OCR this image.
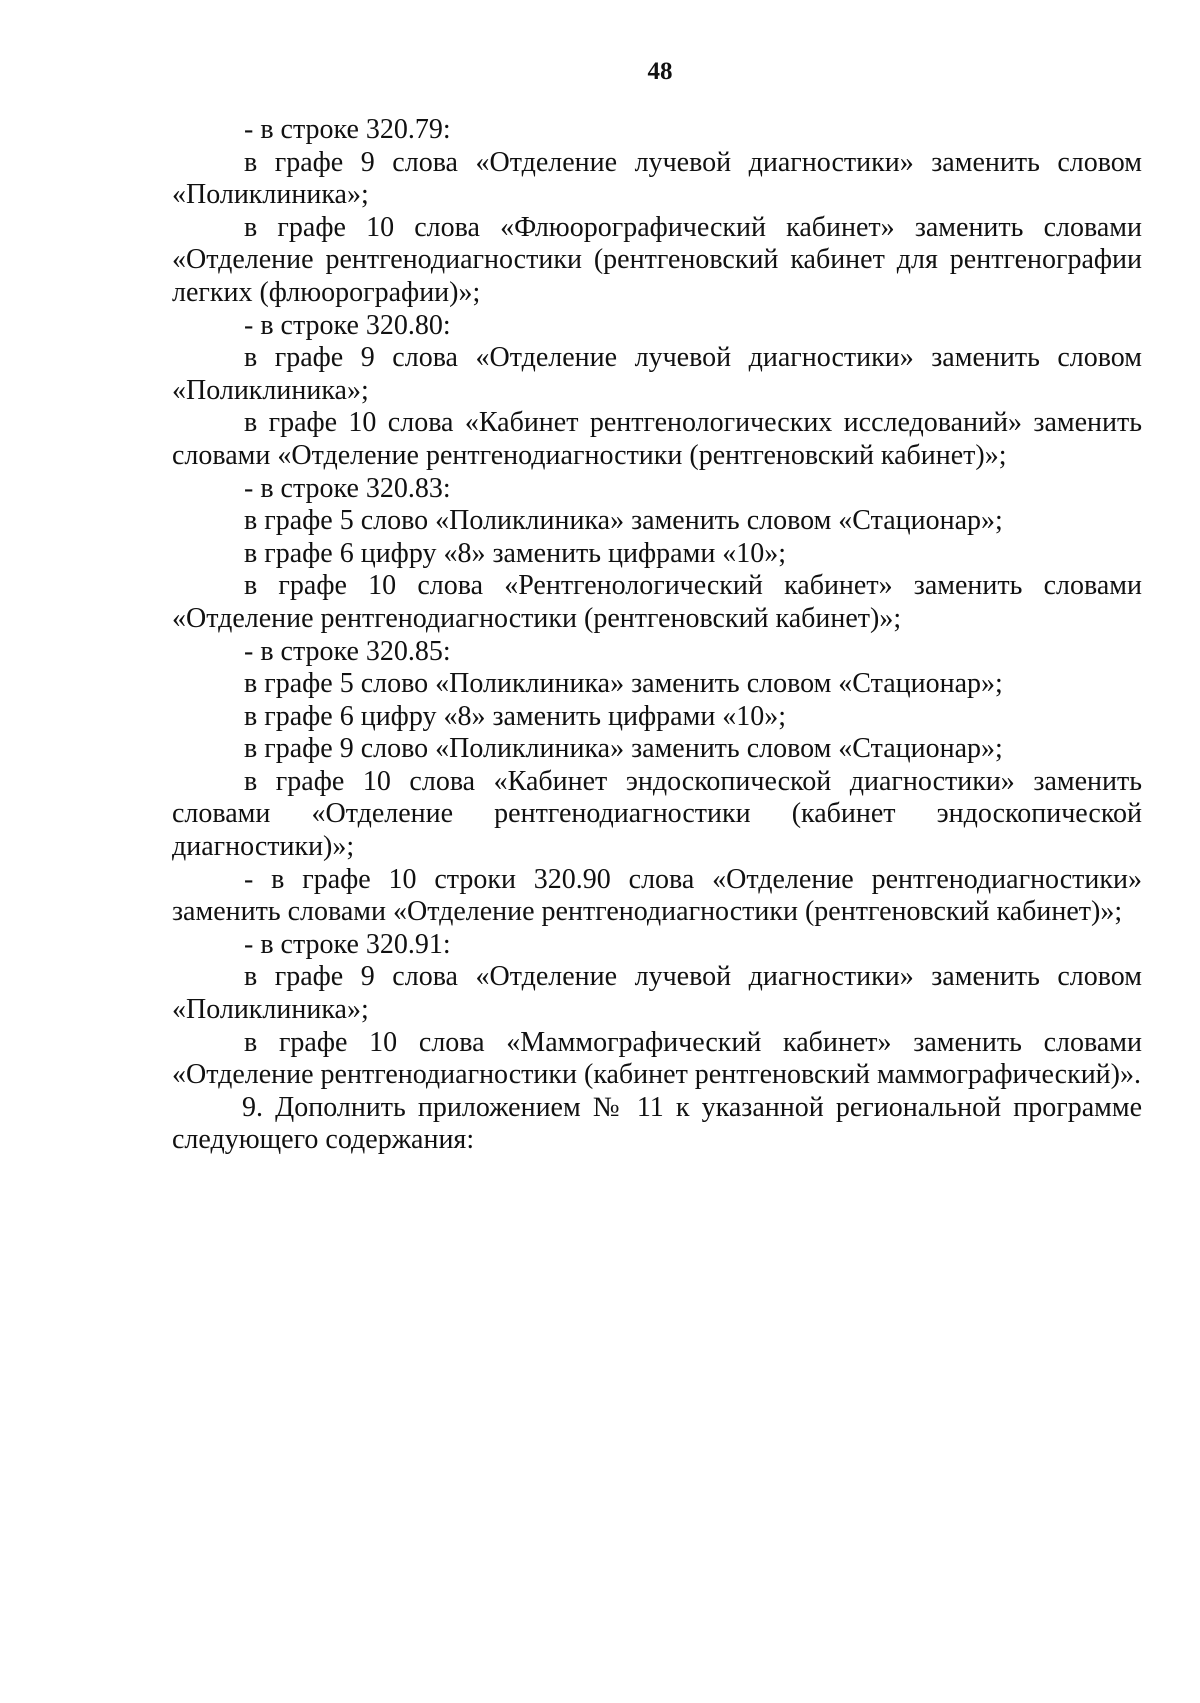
48

- в строке 320.79:

в графе 9 слова «Отделение лучевой диагностики» заменить словом «Поликлиника»;

в графе 10 слова «Флюорографический кабинет» заменить словами «Отделение рентгенодиагностики (рентгеновский кабинет для рентгенографии легких (флюорографии)»;

- в строке 320.80:

в графе 9 слова «Отделение лучевой диагностики» заменить словом «Поликлиника»;

в графе 10 слова «Кабинет рентгенологических исследований» заменить словами «Отделение рентгенодиагностики (рентгеновский кабинет)»;

- в строке 320.83:

в графе 5 слово «Поликлиника» заменить словом «Стационар»;

в графе 6 цифру «8» заменить цифрами «10»;

в графе 10 слова «Рентгенологический кабинет» заменить словами «Отделение рентгенодиагностики (рентгеновский кабинет)»;

- в строке 320.85:

в графе 5 слово «Поликлиника» заменить словом «Стационар»;

в графе 6 цифру «8» заменить цифрами «10»;

в графе 9 слово «Поликлиника» заменить словом «Стационар»;

в графе 10 слова «Кабинет эндоскопической диагностики» заменить словами «Отделение рентгенодиагностики (кабинет эндоскопической диагностики)»;

- в графе 10 строки 320.90 слова «Отделение рентгенодиагностики» заменить словами «Отделение рентгенодиагностики (рентгеновский кабинет)»;

- в строке 320.91:

в графе 9 слова «Отделение лучевой диагностики» заменить словом «Поликлиника»;

в графе 10 слова «Маммографический кабинет» заменить словами «Отделение рентгенодиагностики (кабинет рентгеновский маммографический)».

9. Дополнить приложением № 11 к указанной региональной программе следующего содержания:
